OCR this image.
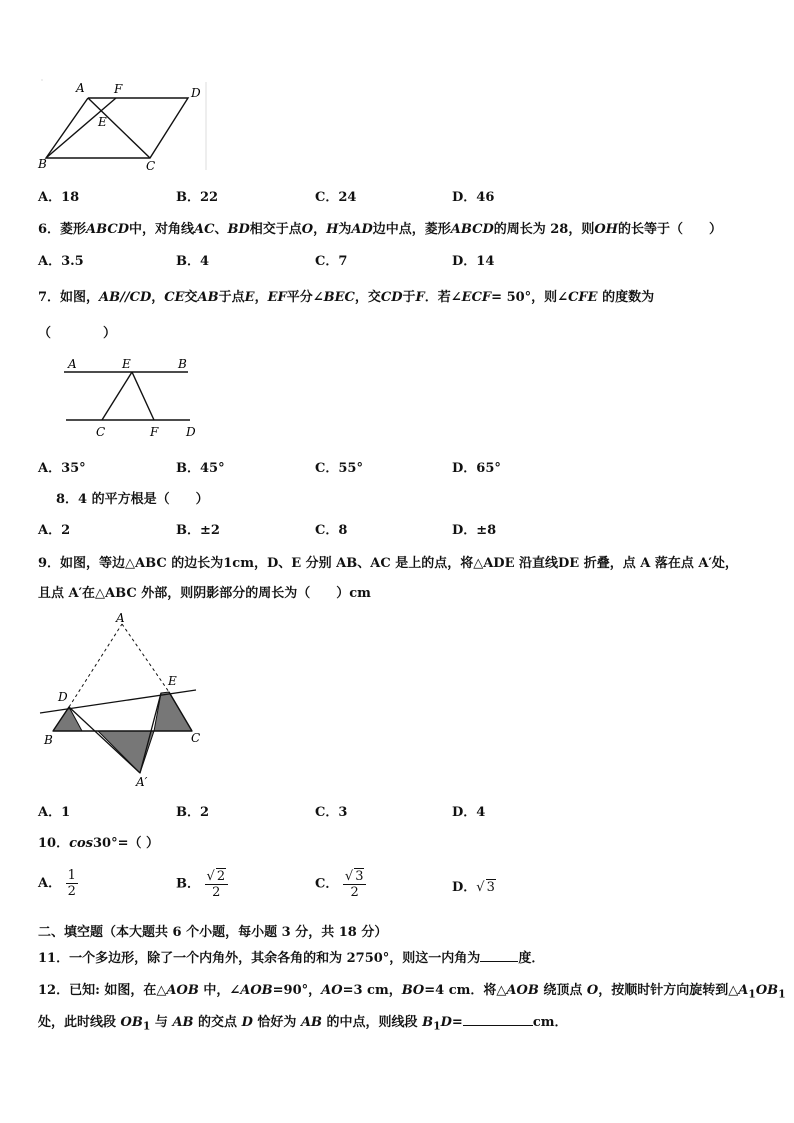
A F	D
E
B	C
A．18	B．22	C．24	D．46
6．菱形ABCD中，对角线AC、BD相交于点O，H为AD边中点，菱形ABCD的周长为 28，则OH的长等于（　　）
A．3.5	B．4	C．7	D．14
7．如图，AB//CD，CE交AB于点E，EF平分∠BEC，交CD于F．若∠ECF= 50°，则∠CFE 的度数为
（　　　　）
A	E	B
C	F D
A．35°	B．45°	C．55°	D．65°
8．4 的平方根是（　　）
A．2	B．±2	C．8	D．±8
9．如图，等边△ABC 的边长为1cm，D、E 分别 AB、AC 是上的点，将△ADE 沿直线DE 折叠，点 A 落在点 A′处，
且点 A′在△ABC 外部，则阴影部分的周长为（　　）cm
A
D
E
B	C
A′
A．1	B．2	C．3	D．4
10．cos30°=（ ）
A． $\frac{1}{2}$	B． $\frac{√ 2}{2}$	C． $\frac{√ 3}{2}$	D．√ 3
二、填空题（本大题共 6 个小题，每小题 3 分，共 18 分）
11．一个多边形，除了一个内角外，其余各角的和为 2750°，则这一内角为	度．
12．已知: 如图，在△AOB 中，∠AOB=90°，AO=3 cm，BO=4 cm．将△AOB 绕顶点 O，按顺时针方向旋转到$\triangle A_1OB_1$
处，此时线段 $OB_1$ 与 AB 的交点 D 恰好为 AB 的中点，则线段 $B_1D=$	cm．
